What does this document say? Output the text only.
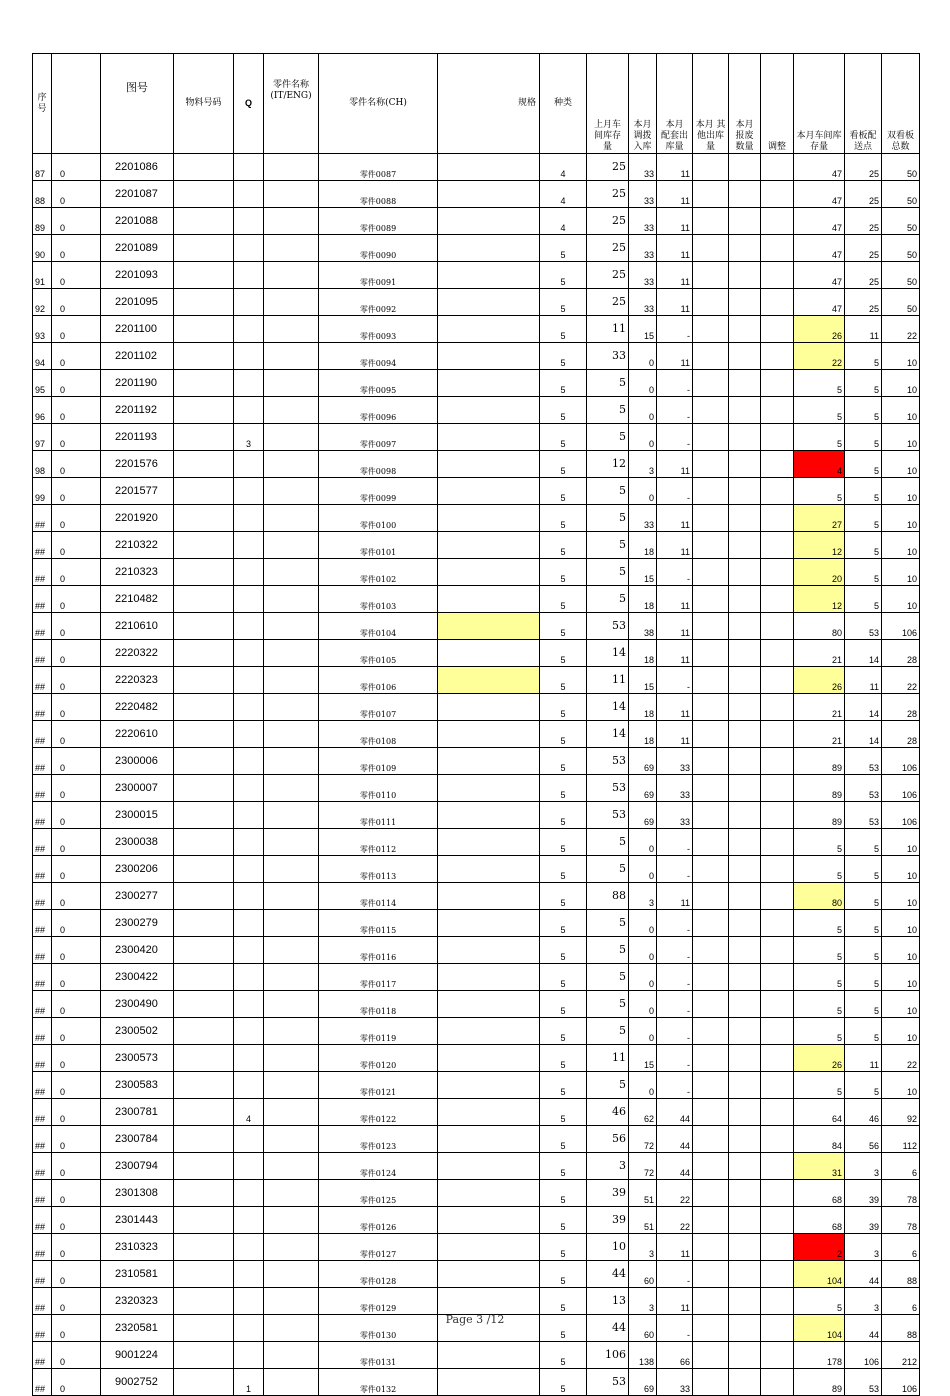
序
号		图号	物料号码	Q	零件名称
(IT/ENG)	零件名称(CH)	规格	种类	上月车
间库存
量	本月
调拨
入库	本月
配套出
库量	本月 其
他出库
量	本月
报废
数量	调整	本月车间库
存量	看板配
送点	双看板
总数
87	0	2201086				零件0087		4	25	33	11				47	25	50
88	0	2201087				零件0088		4	25	33	11				47	25	50
89	0	2201088				零件0089		4	25	33	11				47	25	50
90	0	2201089				零件0090		5	25	33	11				47	25	50
91	0	2201093				零件0091		5	25	33	11				47	25	50
92	0	2201095				零件0092		5	25	33	11				47	25	50
93	0	2201100				零件0093		5	11	15	-				26	11	22
94	0	2201102				零件0094		5	33	0	11				22	5	10
95	0	2201190				零件0095		5	5	0	-				5	5	10
96	0	2201192				零件0096		5	5	0	-				5	5	10
97	0	2201193		3		零件0097		5	5	0	-				5	5	10
98	0	2201576				零件0098		5	12	3	11				4	5	10
99	0	2201577				零件0099		5	5	0	-				5	5	10
##	0	2201920				零件0100		5	5	33	11				27	5	10
##	0	2210322				零件0101		5	5	18	11				12	5	10
##	0	2210323				零件0102		5	5	15	-				20	5	10
##	0	2210482				零件0103		5	5	18	11				12	5	10
##	0	2210610				零件0104		5	53	38	11				80	53	106
##	0	2220322				零件0105		5	14	18	11				21	14	28
##	0	2220323				零件0106		5	11	15	-				26	11	22
##	0	2220482				零件0107		5	14	18	11				21	14	28
##	0	2220610				零件0108		5	14	18	11				21	14	28
##	0	2300006				零件0109		5	53	69	33				89	53	106
##	0	2300007				零件0110		5	53	69	33				89	53	106
##	0	2300015				零件0111		5	53	69	33				89	53	106
##	0	2300038				零件0112		5	5	0	-				5	5	10
##	0	2300206				零件0113		5	5	0	-				5	5	10
##	0	2300277				零件0114		5	88	3	11				80	5	10
##	0	2300279				零件0115		5	5	0	-				5	5	10
##	0	2300420				零件0116		5	5	0	-				5	5	10
##	0	2300422				零件0117		5	5	0	-				5	5	10
##	0	2300490				零件0118		5	5	0	-				5	5	10
##	0	2300502				零件0119		5	5	0	-				5	5	10
##	0	2300573				零件0120		5	11	15	-				26	11	22
##	0	2300583				零件0121		5	5	0	-				5	5	10
##	0	2300781		4		零件0122		5	46	62	44				64	46	92
##	0	2300784				零件0123		5	56	72	44				84	56	112
##	0	2300794				零件0124		5	3	72	44				31	3	6
##	0	2301308				零件0125		5	39	51	22				68	39	78
##	0	2301443				零件0126		5	39	51	22				68	39	78
##	0	2310323				零件0127		5	10	3	11				2	3	6
##	0	2310581				零件0128		5	44	60	-				104	44	88
##	0	2320323				零件0129		5	13	3	11				5	3	6
##	0	2320581				零件0130		5	44	60	-				104	44	88
##	0	9001224				零件0131		5	106	138	66				178	106	212
##	0	9002752		1		零件0132		5	53	69	33				89	53	106
Page 3 /12
